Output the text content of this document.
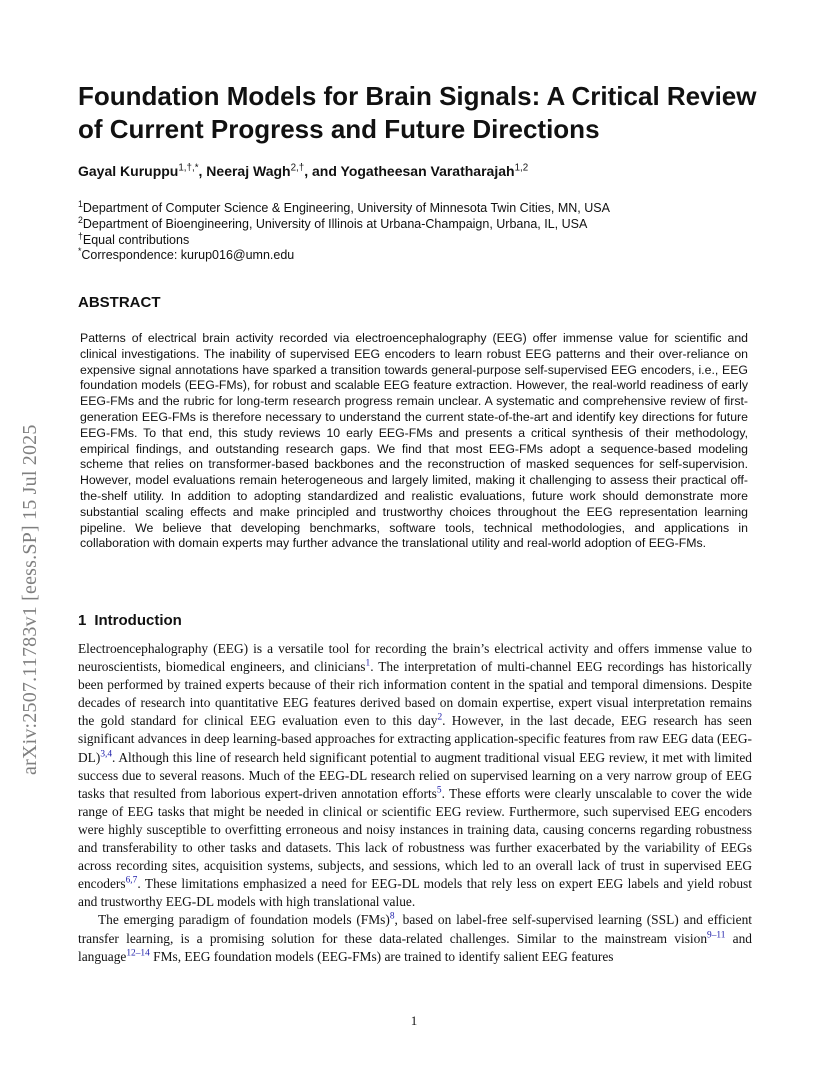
arXiv:2507.11783v1 [eess.SP] 15 Jul 2025
Foundation Models for Brain Signals: A Critical Review of Current Progress and Future Directions
Gayal Kuruppu$^{1,\dagger,*}$, Neeraj Wagh$^{2,\dagger}$, and Yogatheesan Varatharajah$^{1,2}$
$^1$Department of Computer Science & Engineering, University of Minnesota Twin Cities, MN, USA
$^2$Department of Bioengineering, University of Illinois at Urbana-Champaign, Urbana, IL, USA
†Equal contributions
*Correspondence: kurup016@umn.edu
ABSTRACT

Patterns of electrical brain activity recorded via electroencephalography (EEG) offer immense value for scientific and clinical investigations. The inability of supervised EEG encoders to learn robust EEG patterns and their over-reliance on expensive signal annotations have sparked a transition towards general-purpose self-supervised EEG encoders, i.e., EEG foundation models (EEG-FMs), for robust and scalable EEG feature extraction. However, the real-world readiness of early EEG-FMs and the rubric for long-term research progress remain unclear. A systematic and comprehensive review of first-generation EEG-FMs is therefore necessary to understand the current state-of-the-art and identify key directions for future EEG-FMs. To that end, this study reviews 10 early EEG-FMs and presents a critical synthesis of their methodology, empirical findings, and outstanding research gaps. We find that most EEG-FMs adopt a sequence-based modeling scheme that relies on transformer-based backbones and the reconstruction of masked sequences for self-supervision. However, model evaluations remain heterogeneous and largely limited, making it challenging to assess their practical off-the-shelf utility. In addition to adopting standardized and realistic evaluations, future work should demonstrate more substantial scaling effects and make principled and trustworthy choices throughout the EEG representation learning pipeline. We believe that developing benchmarks, software tools, technical methodologies, and applications in collaboration with domain experts may further advance the translational utility and real-world adoption of EEG-FMs.

1 Introduction

Electroencephalography (EEG) is a versatile tool for recording the brain’s electrical activity and offers immense value to neuroscientists, biomedical engineers, and clinicians$^1$. The interpretation of multi-channel EEG recordings has historically been performed by trained experts because of their rich information content in the spatial and temporal dimensions. Despite decades of research into quantitative EEG features derived based on domain expertise, expert visual interpretation remains the gold standard for clinical EEG evaluation even to this day$^2$. However, in the last decade, EEG research has seen significant advances in deep learning-based approaches for extracting application-specific features from raw EEG data (EEG-DL)$^{3,4}$. Although this line of research held significant potential to augment traditional visual EEG review, it met with limited success due to several reasons. Much of the EEG-DL research relied on supervised learning on a very narrow group of EEG tasks that resulted from laborious expert-driven annotation efforts$^5$. These efforts were clearly unscalable to cover the wide range of EEG tasks that might be needed in clinical or scientific EEG review. Furthermore, such supervised EEG encoders were highly susceptible to overfitting erroneous and noisy instances in training data, causing concerns regarding robustness and transferability to other tasks and datasets. This lack of robustness was further exacerbated by the variability of EEGs across recording sites, acquisition systems, subjects, and sessions, which led to an overall lack of trust in supervised EEG encoders$^{6,7}$. These limitations emphasized a need for EEG-DL models that rely less on expert EEG labels and yield robust and trustworthy EEG-DL models with high translational value.

The emerging paradigm of foundation models (FMs)$^8$, based on label-free self-supervised learning (SSL) and efficient transfer learning, is a promising solution for these data-related challenges. Similar to the mainstream vision$^{9-11}$ and language$^{12-14}$ FMs, EEG foundation models (EEG-FMs) are trained to identify salient EEG features

1
